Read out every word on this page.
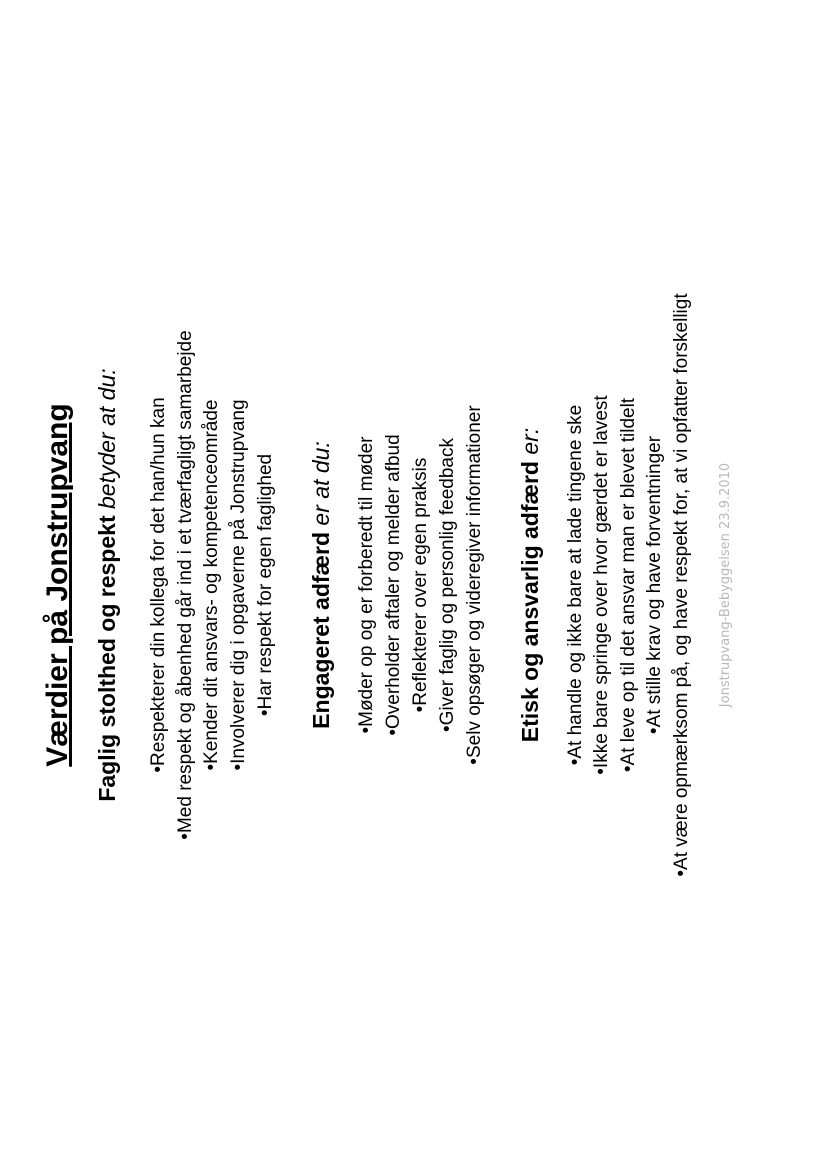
Værdier på Jonstrupvang Faglig stolthed og respekt betyder at du: •Respekterer din kollega for det han/hun kan •Med respekt og åbenhed går ind i et tværfagligt samarbejde •Kender dit ansvars- og kompetenceområde •Involverer dig i opgaverne på Jonstrupvang •Har respekt for egen faglighed Engageret adfærd er at du: •Møder op og er forberedt til møder •Overholder aftaler og melder afbud •Reflekterer over egen praksis •Giver faglig og personlig feedback •Selv opsøger og videregiver informationer Etisk og ansvarlig adfærd er: •At handle og ikke bare at lade tingene ske •Ikke bare springe over hvor gærdet er lavest •At leve op til det ansvar man er blevet tildelt •At stille krav og have forventninger •At være opmærksom på, og have respekt for, at vi opfatter forskelligt Jonstrupvang-Bebyggelsen 23.9.2010
